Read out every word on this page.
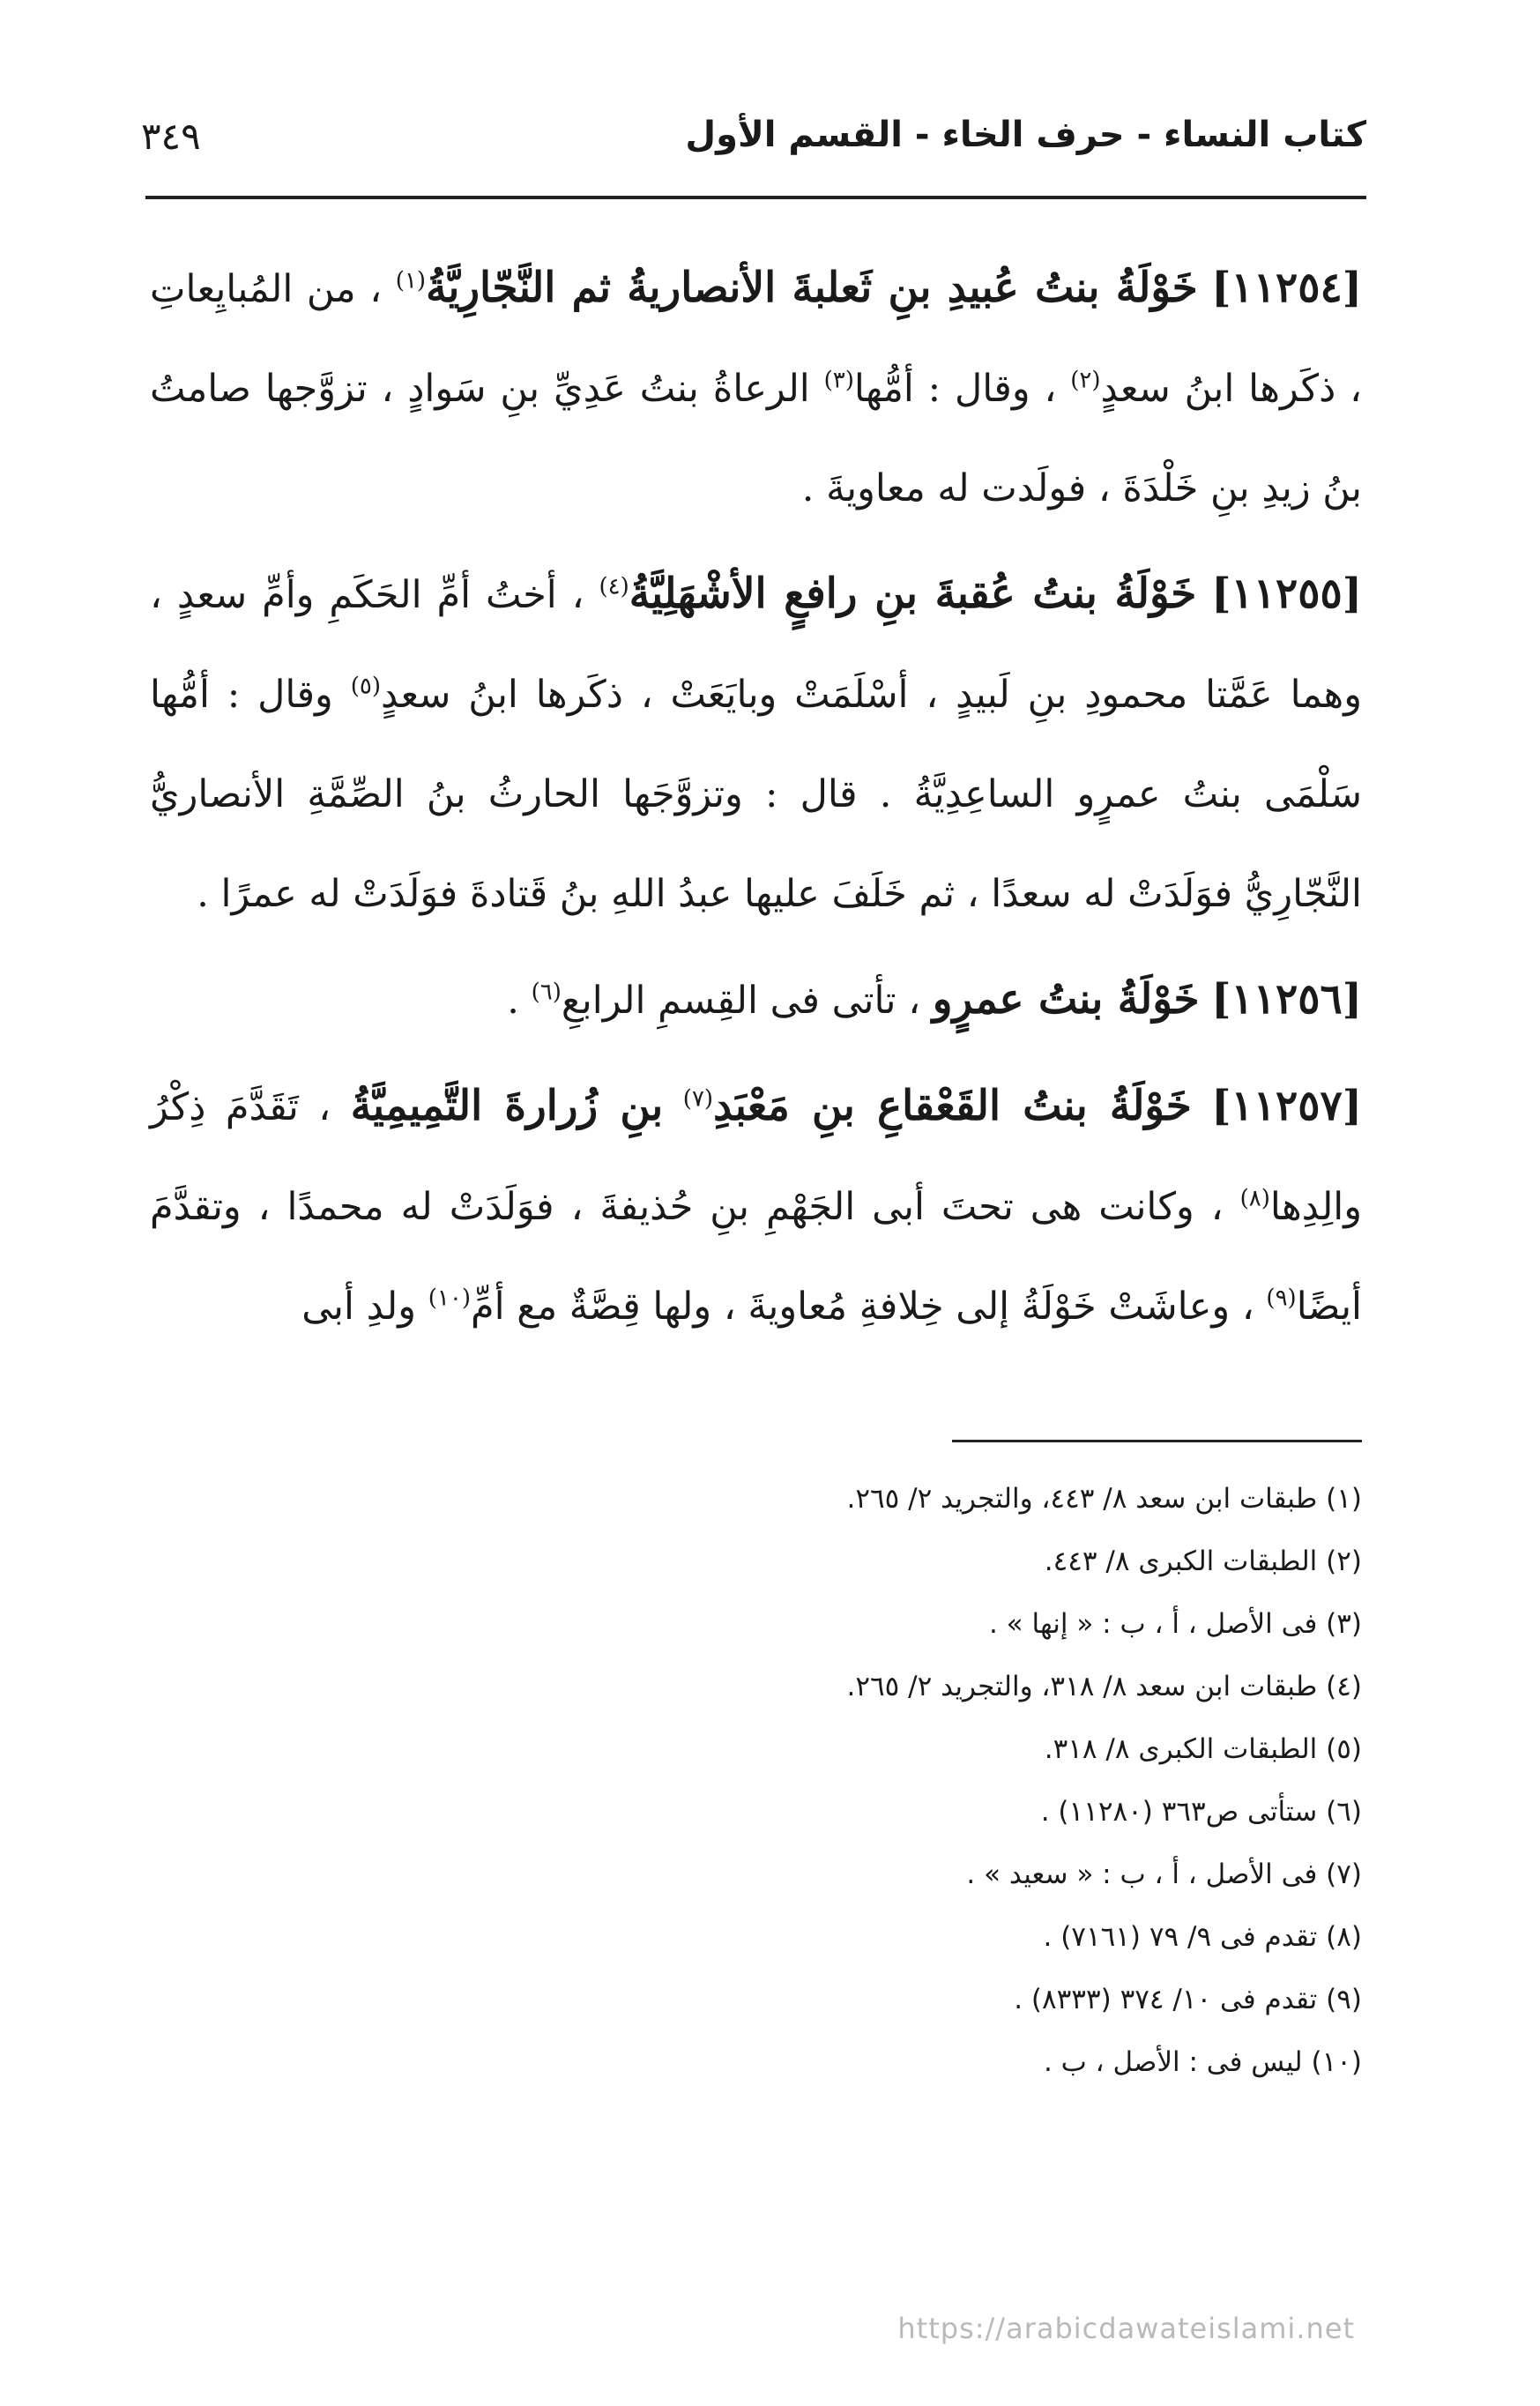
كتاب النساء - حرف الخاء - القسم الأول
٣٤٩

[١١٢٥٤] خَوْلَةُ بنتُ عُبيدِ بنِ ثَعلبةَ الأنصاريةُ ثم النَّجّارِيَّةُ$^{(١)}$ ، من المُبايِعاتِ ، ذكَرها ابنُ سعدٍ$^{(٢)}$ ، وقال : أمُّها$^{(٣)}$ الرعاةُ بنتُ عَدِيِّ بنِ سَوادٍ ، تزوَّجها صامتُ بنُ زيدِ بنِ خَلْدَةَ ، فولَدت له معاويةَ .

[١١٢٥٥] خَوْلَةُ بنتُ عُقبةَ بنِ رافعٍ الأشْهَلِيَّةُ$^{(٤)}$ ، أختُ أمِّ الحَكَمِ وأمِّ سعدٍ ، وهما عَمَّتا محمودِ بنِ لَبيدٍ ، أسْلَمَتْ وبايَعَتْ ، ذكَرها ابنُ سعدٍ$^{(٥)}$ وقال : أمُّها سَلْمَى بنتُ عمرٍو الساعِدِيَّةُ . قال : وتزوَّجَها الحارثُ بنُ الصِّمَّةِ الأنصاريُّ النَّجّارِيُّ فوَلَدَتْ له سعدًا ، ثم خَلَفَ عليها عبدُ اللهِ بنُ قَتادةَ فوَلَدَتْ له عمرًا .

[١١٢٥٦] خَوْلَةُ بنتُ عمرٍو ، تأتى فى القِسمِ الرابعِ$^{(٦)}$ .

[١١٢٥٧] خَوْلَةُ بنتُ القَعْقاعِ بنِ مَعْبَدِ$^{(٧)}$ بنِ زُرارةَ التَّمِيمِيَّةُ ، تَقَدَّمَ ذِكْرُ والِدِها$^{(٨)}$ ، وكانت هى تحتَ أبى الجَهْمِ بنِ حُذيفةَ ، فوَلَدَتْ له محمدًا ، وتقدَّمَ أيضًا$^{(٩)}$ ، وعاشَتْ خَوْلَةُ إلى خِلافةِ مُعاويةَ ، ولها قِصَّةٌ مع أمِّ$^{(١٠)}$ ولدِ أبى

(١) طبقات ابن سعد ٨/ ٤٤٣، والتجريد ٢/ ٢٦٥.
(٢) الطبقات الكبرى ٨/ ٤٤٣.
(٣) فى الأصل ، أ ، ب : « إنها » .
(٤) طبقات ابن سعد ٨/ ٣١٨، والتجريد ٢/ ٢٦٥.
(٥) الطبقات الكبرى ٨/ ٣١٨.
(٦) ستأتى ص٣٦٣ (١١٢٨٠) .
(٧) فى الأصل ، أ ، ب : « سعيد » .
(٨) تقدم فى ٩/ ٧٩ (٧١٦١) .
(٩) تقدم فى ١٠/ ٣٧٤ (٨٣٣٣) .
(١٠) ليس فى : الأصل ، ب .
https://arabicdawateislami.net
